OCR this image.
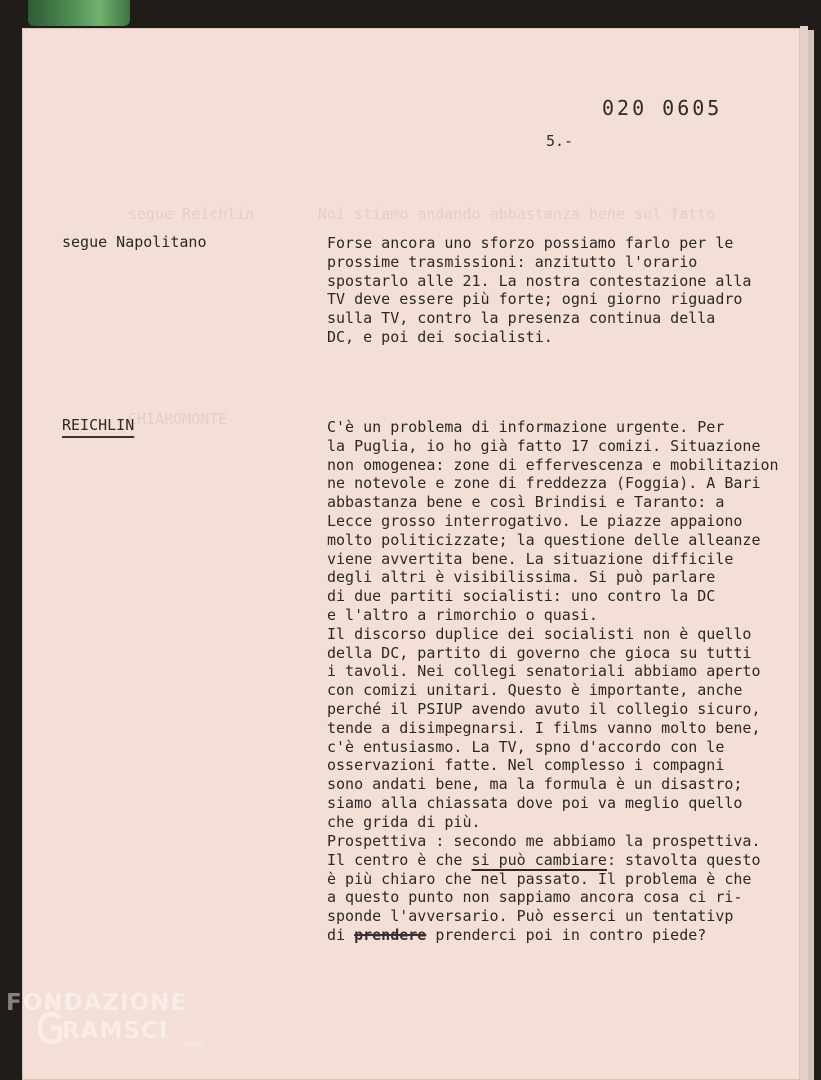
segue Reichlin	Noi stiamo andando abbastanza bene sul fatto
CHIAROMONTE
020 0605
5.-
segue Napolitano	Forse ancora uno sforzo possiamo farlo per le
prossime trasmissioni: anzitutto l'orario
spostarlo alle 21. La nostra contestazione alla
TV deve essere più forte; ogni giorno riguadro
sulla TV, contro la presenza continua della
DC, e poi dei socialisti.
REICHLIN	C'è un problema di informazione urgente. Per
la Puglia, io ho già fatto 17 comizi. Situazione
non omogenea: zone di effervescenza e mobilitazion
ne notevole e zone di freddezza (Foggia). A Bari
abbastanza bene e così Brindisi e Taranto: a
Lecce grosso interrogativo. Le piazze appaiono
molto politicizzate; la questione delle alleanze
viene avvertita bene. La situazione difficile
degli altri è visibilissima. Si può parlare
di due partiti socialisti: uno contro la DC
e l'altro a rimorchio o quasi.
Il discorso duplice dei socialisti non è quello
della DC, partito di governo che gioca su tutti
i tavoli. Nei collegi senatoriali abbiamo aperto
con comizi unitari. Questo è importante, anche
perché il PSIUP avendo avuto il collegio sicuro,
tende a disimpegnarsi. I films vanno molto bene,
c'è entusiasmo. La TV, spno d'accordo con le
osservazioni fatte. Nel complesso i compagni
sono andati bene, ma la formula è un disastro;
siamo alla chiassata dove poi va meglio quello
che grida di più.
Prospettiva : secondo me abbiamo la prospettiva.
Il centro è che si può cambiare: stavolta questo
è più chiaro che nel passato. Il problema è che
a questo punto non sappiamo ancora cosa ci ri-
sponde l'avversario. Può esserci un tentativp
di prendere prenderci poi in contro piede?
FONDAZIONE
RAMSCI
onlus
